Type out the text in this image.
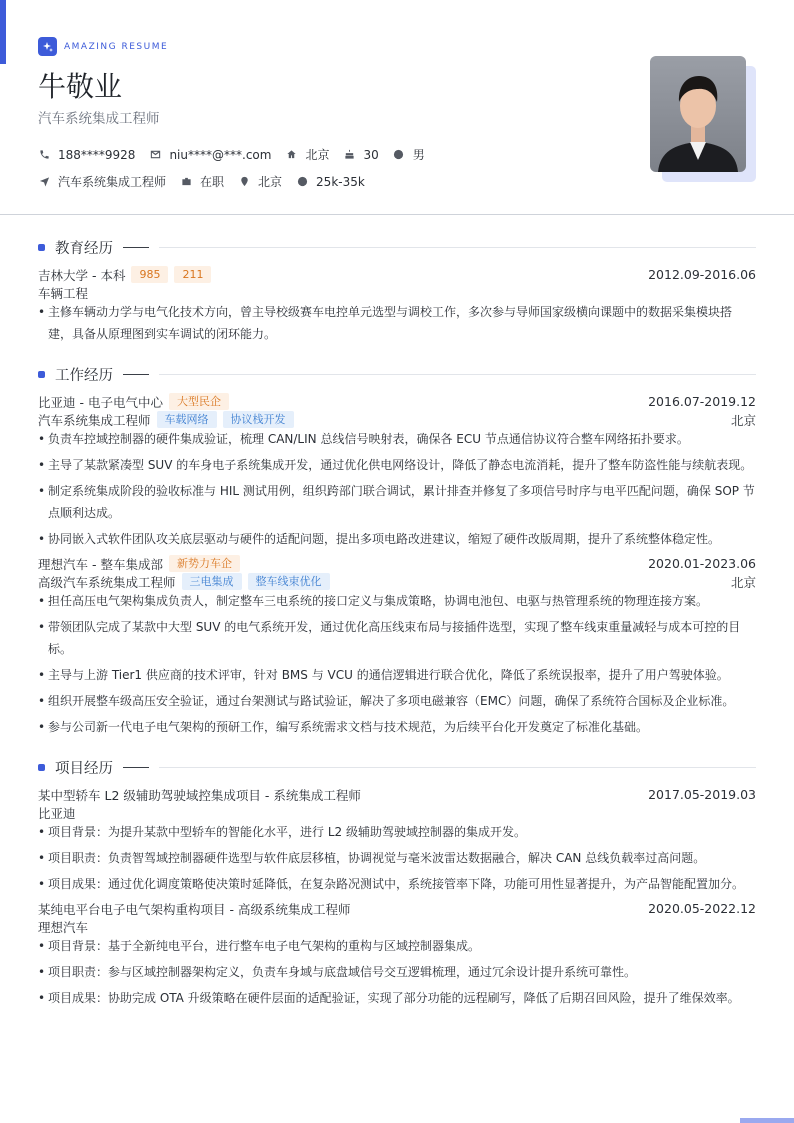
AMAZING RESUME
牛敬业
汽车系统集成工程师
188****9928	niu****@***.com	北京	30	男
汽车系统集成工程师	在职	北京	25k-35k
教育经历
吉林大学 - 本科	985	211	2012.09-2016.06
车辆工程
• 主修车辆动力学与电气化技术方向，曾主导校级赛车电控单元选型与调校工作，多次参与导师国家级横向课题中的数据采集模块搭建，具备从原理图到实车调试的闭环能力。
工作经历
比亚迪 - 电子电气中心	大型民企	2016.07-2019.12
汽车系统集成工程师	车载网络	协议栈开发	北京
• 负责车控域控制器的硬件集成验证，梳理 CAN/LIN 总线信号映射表，确保各 ECU 节点通信协议符合整车网络拓扑要求。
• 主导了某款紧凑型 SUV 的车身电子系统集成开发，通过优化供电网络设计，降低了静态电流消耗，提升了整车防盗性能与续航表现。
• 制定系统集成阶段的验收标准与 HIL 测试用例，组织跨部门联合调试，累计排查并修复了多项信号时序与电平匹配问题，确保 SOP 节点顺利达成。
• 协同嵌入式软件团队攻关底层驱动与硬件的适配问题，提出多项电路改进建议，缩短了硬件改版周期，提升了系统整体稳定性。
理想汽车 - 整车集成部	新势力车企	2020.01-2023.06
高级汽车系统集成工程师	三电集成	整车线束优化	北京
• 担任高压电气架构集成负责人，制定整车三电系统的接口定义与集成策略，协调电池包、电驱与热管理系统的物理连接方案。
• 带领团队完成了某款中大型 SUV 的电气系统开发，通过优化高压线束布局与接插件选型，实现了整车线束重量减轻与成本可控的目标。
• 主导与上游 Tier1 供应商的技术评审，针对 BMS 与 VCU 的通信逻辑进行联合优化，降低了系统误报率，提升了用户驾驶体验。
• 组织开展整车级高压安全验证，通过台架测试与路试验证，解决了多项电磁兼容（EMC）问题，确保了系统符合国标及企业标准。
• 参与公司新一代电子电气架构的预研工作，编写系统需求文档与技术规范，为后续平台化开发奠定了标准化基础。
项目经历
某中型轿车 L2 级辅助驾驶域控集成项目 - 系统集成工程师	2017.05-2019.03
比亚迪
• 项目背景：为提升某款中型轿车的智能化水平，进行 L2 级辅助驾驶域控制器的集成开发。
• 项目职责：负责智驾域控制器硬件选型与软件底层移植，协调视觉与毫米波雷达数据融合，解决 CAN 总线负载率过高问题。
• 项目成果：通过优化调度策略使决策时延降低，在复杂路况测试中，系统接管率下降，功能可用性显著提升，为产品智能配置加分。
某纯电平台电子电气架构重构项目 - 高级系统集成工程师	2020.05-2022.12
理想汽车
• 项目背景：基于全新纯电平台，进行整车电子电气架构的重构与区域控制器集成。
• 项目职责：参与区域控制器架构定义，负责车身域与底盘域信号交互逻辑梳理，通过冗余设计提升系统可靠性。
• 项目成果：协助完成 OTA 升级策略在硬件层面的适配验证，实现了部分功能的远程刷写，降低了后期召回风险，提升了维保效率。
